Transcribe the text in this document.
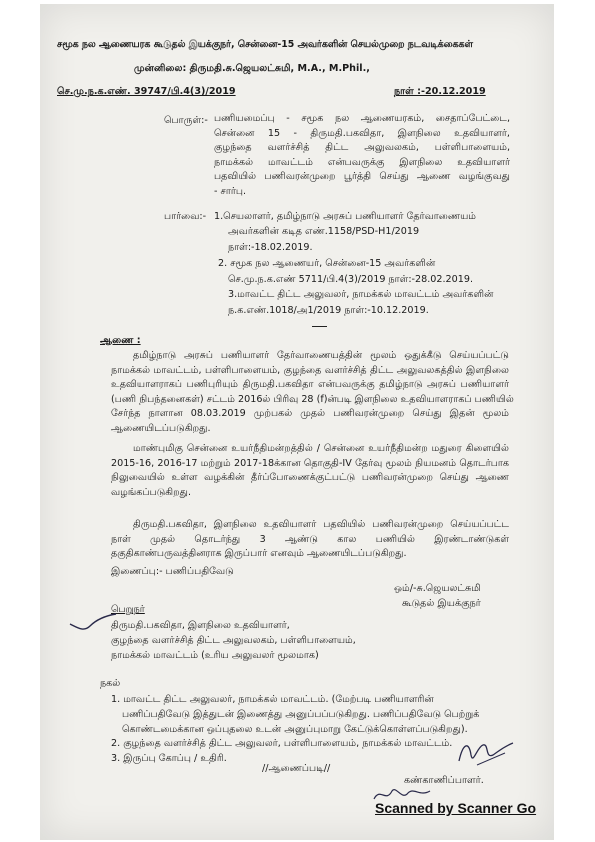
சமூக நல ஆணையரக கூடுதல் இயக்குநர், சென்னை-15 அவர்களின் செயல்முறை நடவடிக்கைகள்
முன்னிலை: திருமதி.சு.ஜெயலட்சுமி, M.A., M.Phil.,
செ.மு.ந.க.எண். 39747/பி.4(3)/2019	நாள் :-20.12.2019
பொருள்:- பணியமைப்பு - சமூக நல ஆணையரகம், சைதாப்பேட்டை,
சென்னை 15 - திருமதி.பகவிதா, இளநிலை உதவியாளர்,
குழந்தை வளர்ச்சித் திட்ட அலுவலகம், பள்ளிபாளையம்,
நாமக்கல் மாவட்டம் என்பவருக்கு இளநிலை உதவியாளர்
பதவியில் பணிவரன்முறை பூர்த்தி செய்து ஆணை வழங்குவது
- சார்பு.
பார்வை:- 1.செயலாளர், தமிழ்நாடு அரசுப் பணியாளர் தேர்வாணையம்
அவர்களின் கடித எண்.1158/PSD-H1/2019
நாள்:-18.02.2019.
2. சமூக நல ஆணையர், சென்னை-15 அவர்களின்
செ.மு.ந.க.எண் 5711/பி.4(3)/2019 நாள்:-28.02.2019.
3.மாவட்ட திட்ட அலுவலர், நாமக்கல் மாவட்டம் அவர்களின்
ந.க.எண்.1018/அ1/2019 நாள்:-10.12.2019.
ஆணை :
தமிழ்நாடு அரசுப் பணியாளர் தேர்வாணையத்தின் மூலம் ஒதுக்கீடு செய்யப்பட்டு
நாமக்கல் மாவட்டம், பள்ளிபாளையம், குழந்தை வளர்ச்சித் திட்ட அலுவலகத்தில் இளநிலை
உதவியாளராகப் பணிபுரியும் திருமதி.பகவிதா என்பவருக்கு தமிழ்நாடு அரசுப் பணியாளர்
(பணி நிபந்தனைகள்) சட்டம் 2016ல் பிரிவு 28 (f)ன்படி இளநிலை உதவியாளராகப் பணியில்
சேர்ந்த நாளான 08.03.2019 முற்பகல் முதல் பணிவரன்முறை செய்து இதன் மூலம்
ஆணையிடப்படுகிறது.
மாண்புமிகு சென்னை உயர்நீதிமன்றத்தில் / சென்னை உயர்நீதிமன்ற மதுரை கிளையில்
2015-16, 2016-17 மற்றும் 2017-18க்கான தொகுதி-IV தேர்வு மூலம் நியமனம் தொடர்பாக
நிலுவையில் உள்ள வழக்கின் தீர்ப்போணைக்குட்பட்டு பணிவரன்முறை செய்து ஆணை
வழங்கப்படுகிறது.
திருமதி.பகவிதா, இளநிலை உதவியாளர் பதவியில் பணிவரன்முறை செய்யப்பட்ட
நாள் முதல் தொடர்ந்து 3 ஆண்டு கால பணியில் இரண்டாண்டுகள்
தகுதிகாண்பருவத்தினராக இருப்பார் எனவும் ஆணையிடப்படுகிறது.
இணைப்பு:- பணிப்பதிவேடு
ஒம்/-சு.ஜெயலட்சுமி
கூடுதல் இயக்குநர்
பெறுநர்
திருமதி.பகவிதா, இளநிலை உதவியாளர்,
குழந்தை வளர்ச்சித் திட்ட அலுவலகம், பள்ளிபாளையம்,
நாமக்கல் மாவட்டம் (உரிய அலுவலர் மூலமாக)
நகல்
1. மாவட்ட திட்ட அலுவலர், நாமக்கல் மாவட்டம். (மேற்படி பணியாளரின்
பணிப்பதிவேடு இத்துடன் இணைத்து அனுப்பப்படுகிறது. பணிப்பதிவேடு பெற்றுக்
கொண்டமைக்கான ஒப்புதலை உடன் அனுப்புமாறு கேட்டுக்கொள்ளப்படுகிறது).
2. குழந்தை வளர்ச்சித் திட்ட அலுவலர், பள்ளிபாளையம், நாமக்கல் மாவட்டம்.
3. இருப்பு கோப்பு / உதிரி.
//ஆணைப்படி//
கண்காணிப்பாளர்.
Scanned by Scanner Go
